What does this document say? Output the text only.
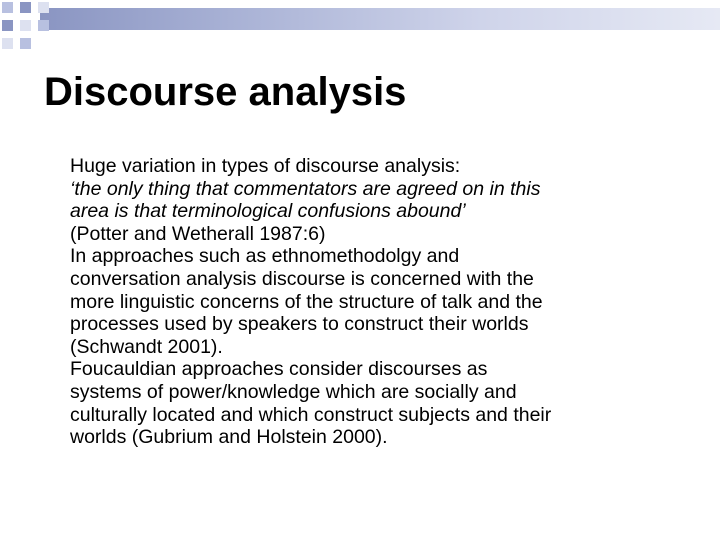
Discourse analysis
Huge variation in types of discourse analysis:
‘the only thing that commentators are agreed on in this
area is that terminological confusions abound’
(Potter and Wetherall 1987:6)
In approaches such as ethnomethodolgy and
conversation analysis discourse is concerned with the
more linguistic concerns of the structure of talk and the
processes used by speakers to construct their worlds
(Schwandt 2001).
Foucauldian approaches consider discourses as
systems of power/knowledge which are socially and
culturally located and which construct subjects and their
worlds (Gubrium and Holstein 2000).
